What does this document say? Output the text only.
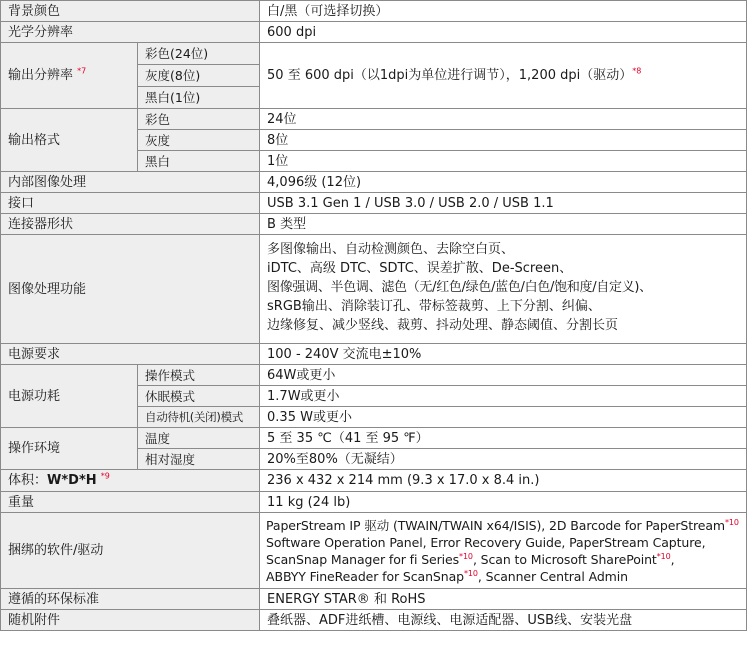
背景颜色		白/黑（可选择切换）
光学分辨率		600 dpi
输出分辨率 $^{*7}$	彩色(24位)	50 至 600 dpi（以1dpi为单位进行调节），1,200 dpi（驱动）$^{*8}$
	灰度(8位)	
	黑白(1位)	
输出格式	彩色	24位
	灰度	8位
	黑白	1位
内部图像处理		4,096级 (12位)
接口		USB 3.1 Gen 1 / USB 3.0 / USB 2.0 / USB 1.1
连接器形状		B 类型
图像处理功能		多图像输出、自动检测颜色、去除空白页、
iDTC、高级 DTC、SDTC、误差扩散、De-Screen、
图像强调、半色调、滤色（无/红色/绿色/蓝色/白色/饱和度/自定义)、
sRGB输出、消除装订孔、带标签裁剪、上下分割、纠偏、
边缘修复、减少竖线、裁剪、抖动处理、静态阈值、分割长页

电源要求		100 - 240V 交流电±10%
电源功耗	操作模式	64W或更小
	休眠模式	1.7W或更小
	自动待机(关闭)模式	0.35 W或更小
操作环境	温度	5 至 35 ℃（41 至 95 ℉）
	相对湿度	20%至80%（无凝结）
体积：W*D*H $^{*9}$		236 x 432 x 214 mm (9.3 x 17.0 x 8.4 in.)
重量		11 kg (24 lb)
捆绑的软件/驱动		PaperStream IP 驱动 (TWAIN/TWAIN x64/ISIS), 2D Barcode for PaperStream$^{*10}$
Software Operation Panel, Error Recovery Guide, PaperStream Capture,
ScanSnap Manager for fi Series$^{*10}$, Scan to Microsoft SharePoint$^{*10}$,
ABBYY FineReader for ScanSnap$^{*10}$, Scanner Central Admin

遵循的环保标准		ENERGY STAR® 和 RoHS
随机附件		叠纸器、ADF进纸槽、电源线、电源适配器、USB线、安装光盘
